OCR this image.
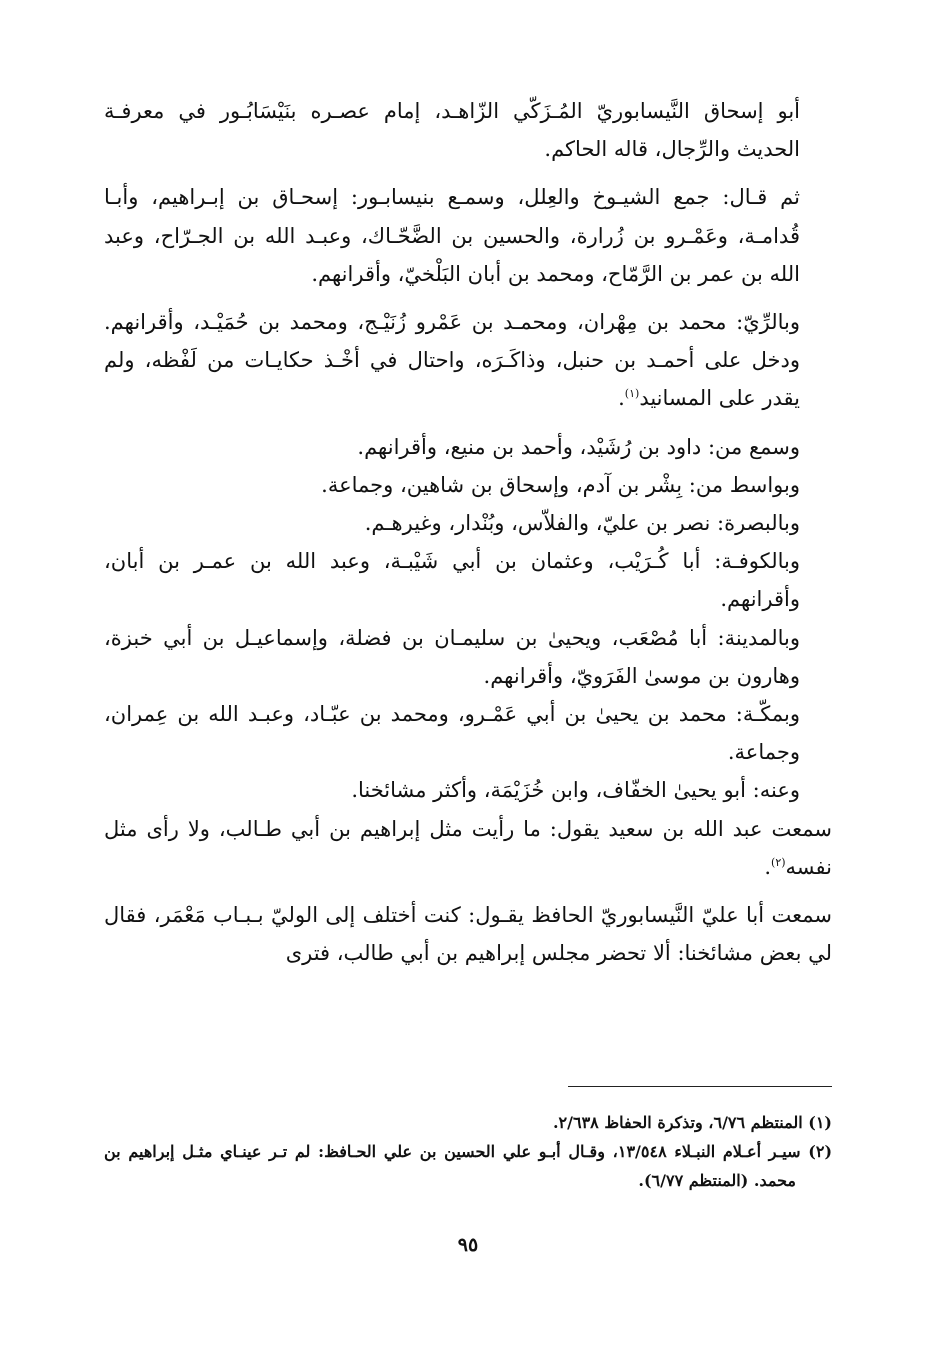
أبو إسحاق النَّيسابوريّ المُـزَكّي الزّاهـد، إمام عصـره بنَيْسَابُـور في معرفـة الحديث والرِّجال، قاله الحاكم.

ثم قـال: جمع الشيـوخ والعِلل، وسمـع بنيسابـور: إسحـاق بن إبـراهيم، وأبـا قُدامـة، وعَمْـرو بن زُرارة، والحسين بن الضَّحّـاك، وعبـد الله بن الجـرّاح، وعبد الله بن عمر بن الرَّمّاح، ومحمد بن أبان البَلْخيّ، وأقرانهم.

وبالرِّيّ: محمد بن مِهْران، ومحمـد بن عَمْرو زُنَيْـج، ومحمد بن حُمَيْـد، وأقرانهم. ودخل على أحمـد بن حنبل، وذاكَـرَه، واحتال في أخْـذ حكايـات من لَفْظه، ولم يقدر على المسانيد$^{(١)}$.

وسمع من: داود بن رُشَيْد، وأحمد بن منيع، وأقرانهم.

وبواسط من: بِشْر بن آدم، وإسحاق بن شاهين، وجماعة.

وبالبصرة: نصر بن عليّ، والفلاّس، وبُنْدار، وغيرهـم.

وبالكوفـة: أبا كُـرَيْب، وعثمان بن أبي شَيْبـة، وعبد الله بن عمـر بن أبان، وأقرانهم.

وبالمدينة: أبا مُصْعَب، ويحيىٰ بن سليمـان بن فضلة، وإسماعيـل بن أبي خبزة، وهارون بن موسىٰ الفَرَويّ، وأقرانهم.

وبمكّـة: محمد بن يحيىٰ بن أبي عَمْـرو، ومحمد بن عبّـاد، وعبـد الله بن عِمران، وجماعة.

وعنه: أبو يحيىٰ الخفّاف، وابن خُزَيْمَة، وأكثر مشائخنا.

سمعت عبد الله بن سعيد يقول: ما رأيت مثل إبراهيم بن أبي طـالب، ولا رأى مثل نفسه$^{(٢)}$.

سمعت أبا عليّ النَّيسابوريّ الحافظ يقـول: كنت أختلف إلى الوليّ بـبـاب مَعْمَر، فقال لي بعض مشائخنا: ألا تحضر مجلس إبراهيم بن أبي طالب، فترى

(١) المنتظم ٦/٧٦، وتذكرة الحفاظ ٢/٦٣٨.

(٢) سيـر أعـلام النبـلاء ١٣/٥٤٨، وقـال أبـو علي الحسين بن علي الحـافظ: لم تـر عينـاي مثـل إبراهيم بن محمد. (المنتظم ٦/٧٧).

٩٥
